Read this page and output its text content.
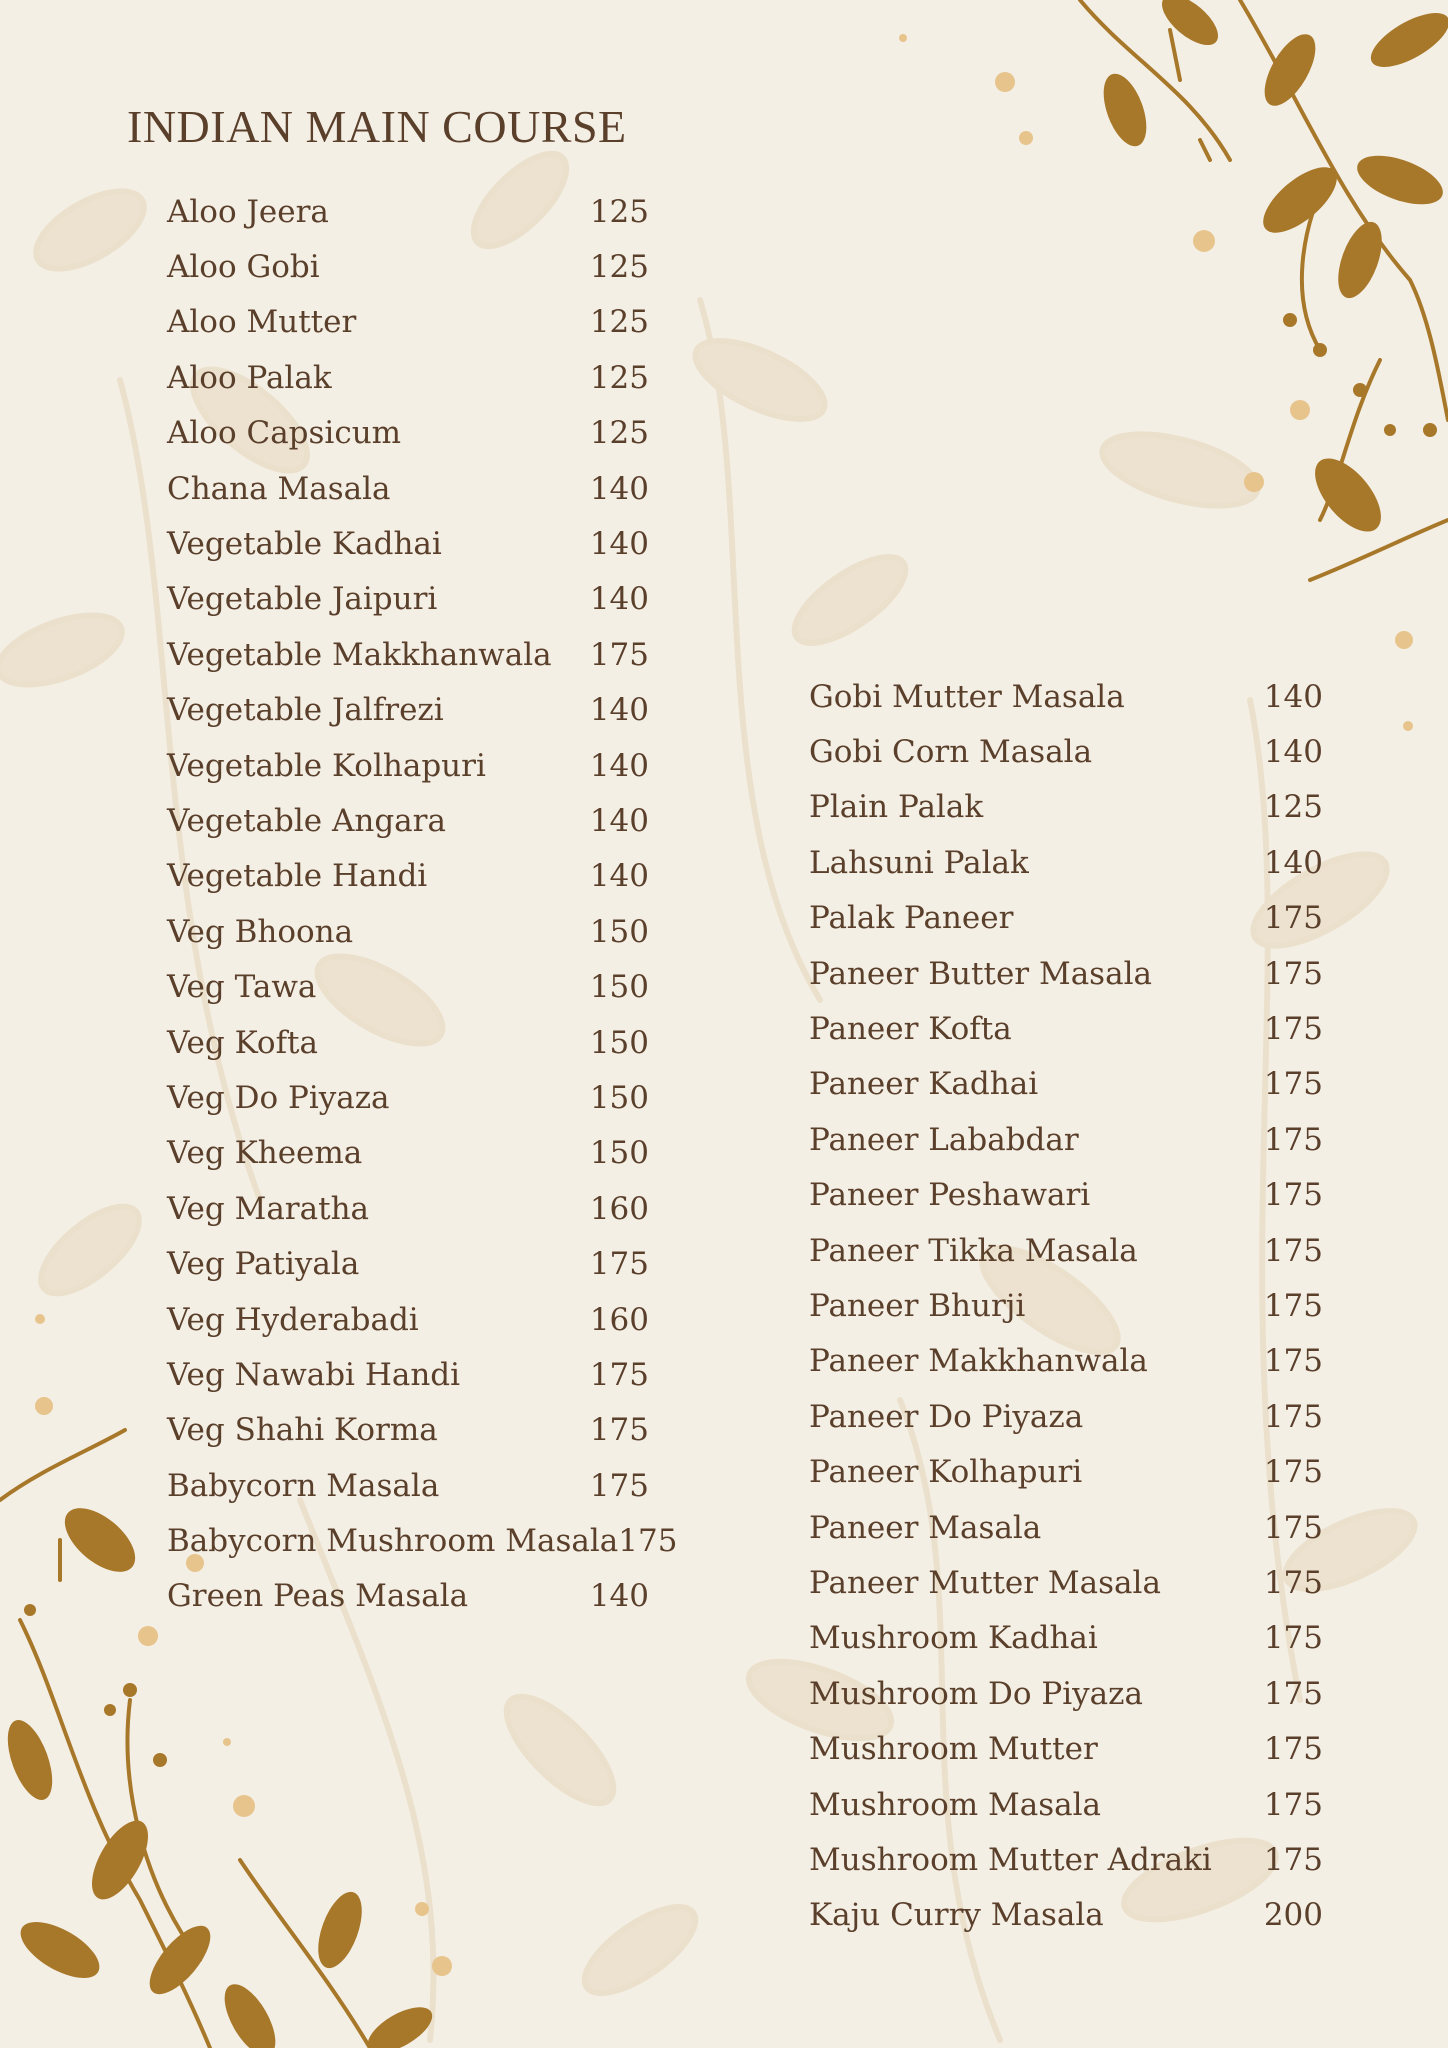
INDIAN MAIN COURSE
Aloo Jeera	125
Aloo Gobi	125
Aloo Mutter	125
Aloo Palak	125
Aloo Capsicum	125
Chana Masala	140
Vegetable Kadhai	140
Vegetable Jaipuri	140
Vegetable Makkhanwala 175
Vegetable Jalfrezi	140
Vegetable Kolhapuri	140
Vegetable Angara	140
Vegetable Handi	140
Veg Bhoona	150
Veg Tawa	150
Veg Kofta	150
Veg Do Piyaza	150
Veg Kheema	150
Veg Maratha	160
Veg Patiyala	175
Veg Hyderabadi	160
Veg Nawabi Handi	175
Veg Shahi Korma	175
Babycorn Masala	175
Babycorn Mushroom Masala 175
Green Peas Masala	140
Gobi Mutter Masala	140
Gobi Corn Masala	140
Plain Palak	125
Lahsuni Palak	140
Palak Paneer	175
Paneer Butter Masala	175
Paneer Kofta	175
Paneer Kadhai	175
Paneer Lababdar	175
Paneer Peshawari	175
Paneer Tikka Masala	175
Paneer Bhurji	175
Paneer Makkhanwala	175
Paneer Do Piyaza	175
Paneer Kolhapuri	175
Paneer Masala	175
Paneer Mutter Masala	175
Mushroom Kadhai	175
Mushroom Do Piyaza	175
Mushroom Mutter	175
Mushroom Masala	175
Mushroom Mutter Adraki 175
Kaju Curry Masala	200
